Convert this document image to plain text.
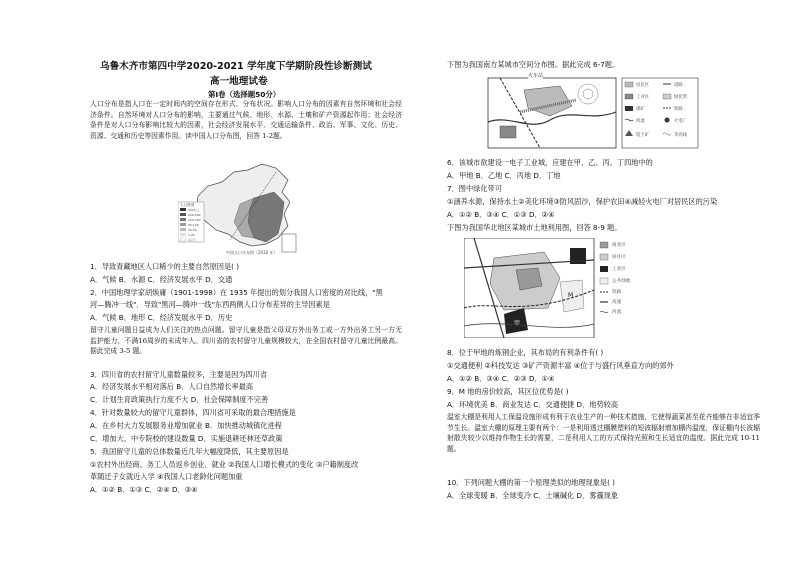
乌鲁木齐市第四中学2020-2021 学年度下学期阶段性诊断测试
高一地理试卷
第Ⅰ卷（选择题50分）
人口分布是指人口在一定时间内的空间存在形式、分布状况。影响人口分布的因素有自然环境和社会经济条件。自然环境对人口分布的影响，主要通过气候、地形、水源、土壤和矿产资源起作用；社会经济条件是对人口分布影响比较大的因素，社会经济发展水平、交通运输条件、政治、军事、文化、历史、资源、交通和历史等因素作用。读中国人口分布图，回答 1-2题。
人口密度
500以上
200-500
100-200
50-100
25-50
1-25
1以下
中国人口分布图（2010 年）
1．导致青藏地区人口稀少的主要自然原因是( )
A．气候 B．水源 C．经济发展水平 D．交通
2．中国地理学家胡焕庸（1901-1998）在 1935 年提出的划分我国人口密度的对比线，"黑
河—腾冲一线"．导致"黑河—腾冲一线"东西两侧人口分布差异的主导因素是
A．气候 B．地形 C．经济发展水平 D．历史
留守儿童问题日益成为人们关注的热点问题。留守儿童是指父母双方外出务工或一方外出务工另一方无监护能力，不满16周岁的未成年人。四川省的农村留守儿童规模较大，在全国农村留守儿童比例最高。据此完成 3-5 题。
3．四川省的农村留守儿童数量较多，主要是因为四川省
A．经济发展水平相对落后 B．人口自然增长率最高
C．计划生育政策执行力度不大 D．社会保障制度不完善
4．针对数量较大的留守儿童群体，四川省可采取的最合理措施是
A．在乡村大力发展服务业增加就业 B．加快推动城镇化进程
C．增加大、中专院校的建设数量 D．实施退耕还林还草政策
5．我国留守儿童的总体数量近几年大幅度降低，其主要原因是
①农村外出经商、务工人员返乡创业、就业 ②我国人口增长模式的变化 ③户籍制度改
革随迁子女就近入学 ④我国人口老龄化问题加重
A．①② B．①③ C．②④ D．③④
下图为我国南方某城市空间分布图。据此完成 6-7题。
火车站
居民区	道路
工业区	绿化带
煤矿	铁路
河流	火电厂
铝土矿	等高线
6．该城市欲建设一电子工业城，应建在甲、乙、丙、丁四地中的
A．甲地 B．乙地 C．丙地 D．丁地
7．图中绿化带可
①涵养水源，保持水土②美化环境③防风固沙，保护农田④减轻火电厂对居民区的污染
A．①② B．③④ C．①③ D．②④
下图为我国华北地区某城市土地利用图，回答 8-9 题。
商业区
居住区
工业区
公共绿地
铁路
高速
河流
甲
M
8．位于甲地的炼钢企业，其布局的有利条件有( )
①交通便利 ②科技发达 ③矿产资源丰富 ④位于与盛行风垂直方向的郊外
A．①② B．③④ C．②③ D．①④
9．M 地的房价较高，其区位优势是( )
A．环境优美 B．商业发达 C．交通便捷 D．地势较高
温室大棚是利用人工保温设施形成有利于农业生产的一种技术措施，它使得蔬菜甚至花卉能够在非适宜季节生长。温室大棚的原理主要有两个：一是利用透过棚膜塑料的短波辐射增加棚内温度，保证棚内长波辐射散失较少以维持作物生长的需要，二是利用人工的方式保持光照和生长适宜的温度。据此完成 10-11题。
10．下列问题大棚的第一个原理类似的地理现象是( )
A．全球变暖 B．全球变冷 C．土壤碱化 D．雾霾现象
